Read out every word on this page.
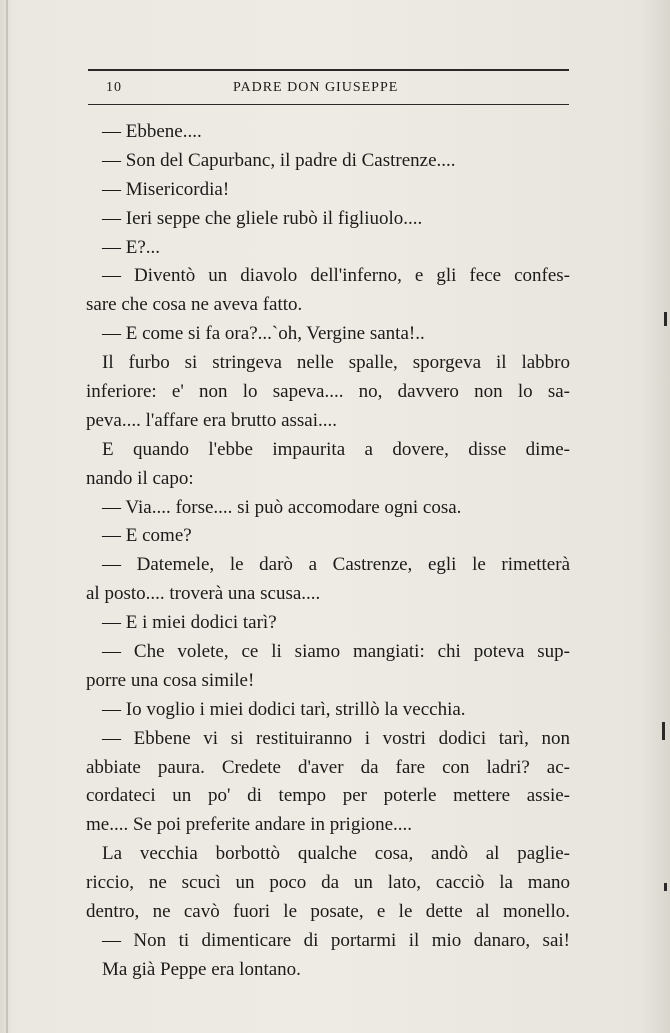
10	PADRE DON GIUSEPPE
— Ebbene....
— Son del Capurbanc, il padre di Castrenze....
— Misericordia!
— Ieri seppe che gliele rubò il figliuolo....
— E?...
— Diventò un diavolo dell'inferno, e gli fece confes-
sare che cosa ne aveva fatto.
— E come si fa ora?...`oh, Vergine santa!..
Il furbo si stringeva nelle spalle, sporgeva il labbro
inferiore: e' non lo sapeva.... no, davvero non lo sa-
peva.... l'affare era brutto assai....
E quando l'ebbe impaurita a dovere, disse dime-
nando il capo:
— Via.... forse.... si può accomodare ogni cosa.
— E come?
— Datemele, le darò a Castrenze, egli le rimetterà
al posto.... troverà una scusa....
— E i miei dodici tarì?
— Che volete, ce li siamo mangiati: chi poteva sup-
porre una cosa simile!
— Io voglio i miei dodici tarì, strillò la vecchia.
— Ebbene vi si restituiranno i vostri dodici tarì, non
abbiate paura. Credete d'aver da fare con ladri? ac-
cordateci un po' di tempo per poterle mettere assie-
me.... Se poi preferite andare in prigione....
La vecchia borbottò qualche cosa, andò al paglie-
riccio, ne scucì un poco da un lato, cacciò la mano
dentro, ne cavò fuori le posate, e le dette al monello.
— Non ti dimenticare di portarmi il mio danaro, sai!
Ma già Peppe era lontano.
